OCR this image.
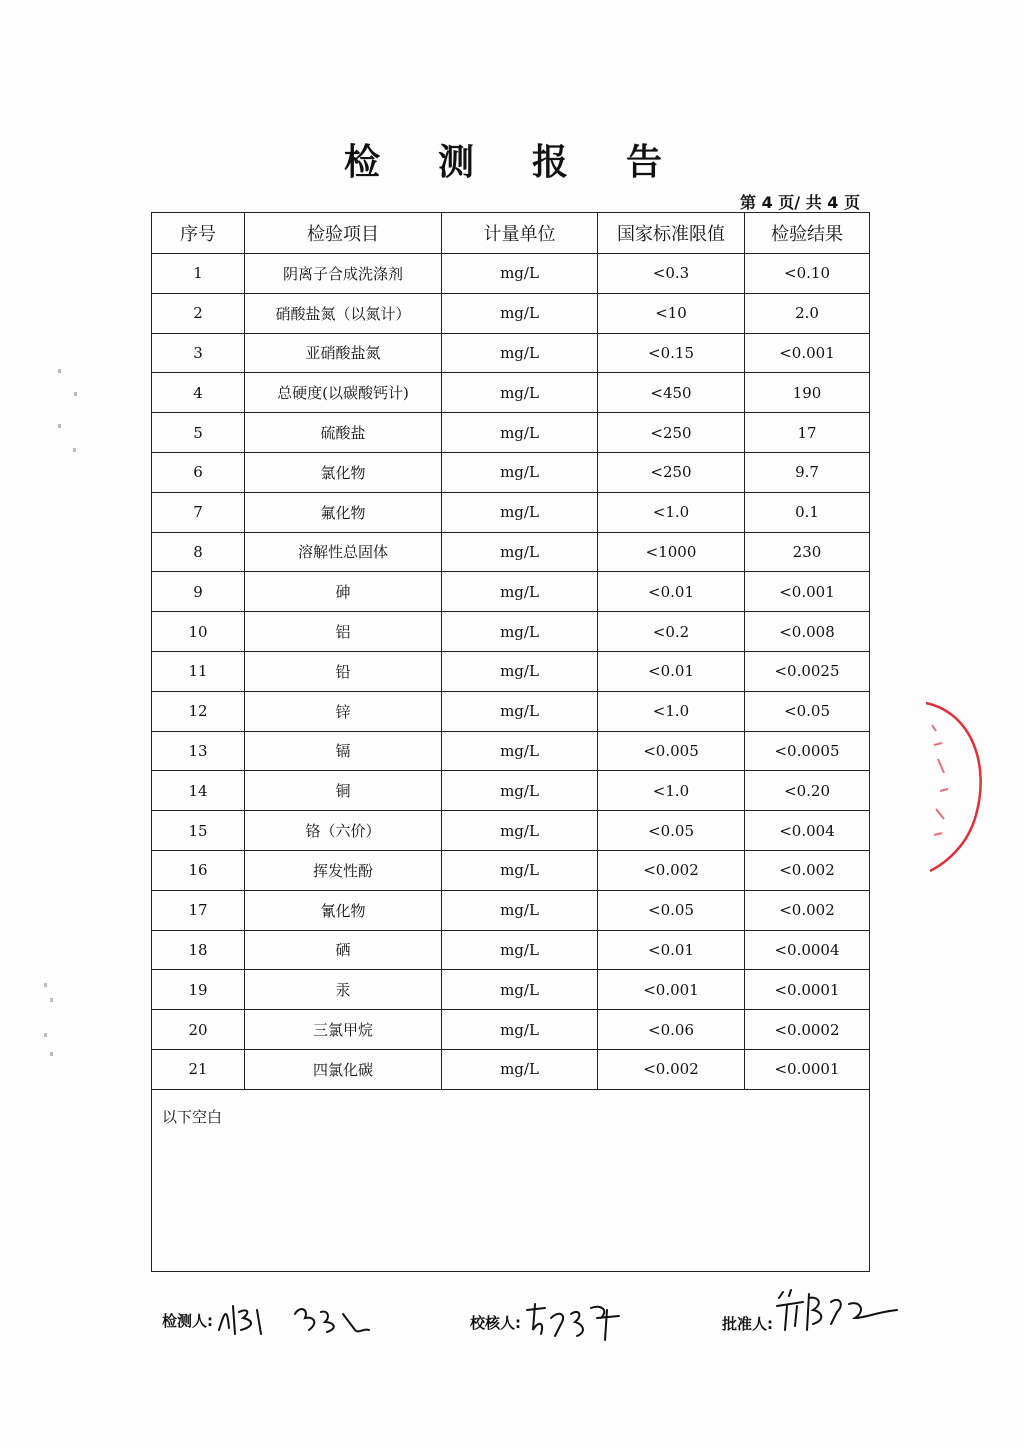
检测报告
第 4 页/ 共 4 页
序号	检验项目	计量单位	国家标准限值	检验结果
1	阴离子合成洗涤剂	mg/L	<0.3	<0.10
2	硝酸盐氮（以氮计）	mg/L	<10	2.0
3	亚硝酸盐氮	mg/L	<0.15	<0.001
4	总硬度(以碳酸钙计)	mg/L	<450	190
5	硫酸盐	mg/L	<250	17
6	氯化物	mg/L	<250	9.7
7	氟化物	mg/L	<1.0	0.1
8	溶解性总固体	mg/L	<1000	230
9	砷	mg/L	<0.01	<0.001
10	铝	mg/L	<0.2	<0.008
11	铅	mg/L	<0.01	<0.0025
12	锌	mg/L	<1.0	<0.05
13	镉	mg/L	<0.005	<0.0005
14	铜	mg/L	<1.0	<0.20
15	铬（六价）	mg/L	<0.05	<0.004
16	挥发性酚	mg/L	<0.002	<0.002
17	氰化物	mg/L	<0.05	<0.002
18	硒	mg/L	<0.01	<0.0004
19	汞	mg/L	<0.001	<0.0001
20	三氯甲烷	mg/L	<0.06	<0.0002
21	四氯化碳	mg/L	<0.002	<0.0001
以下空白				
检测人:	校核人:	批准人:
